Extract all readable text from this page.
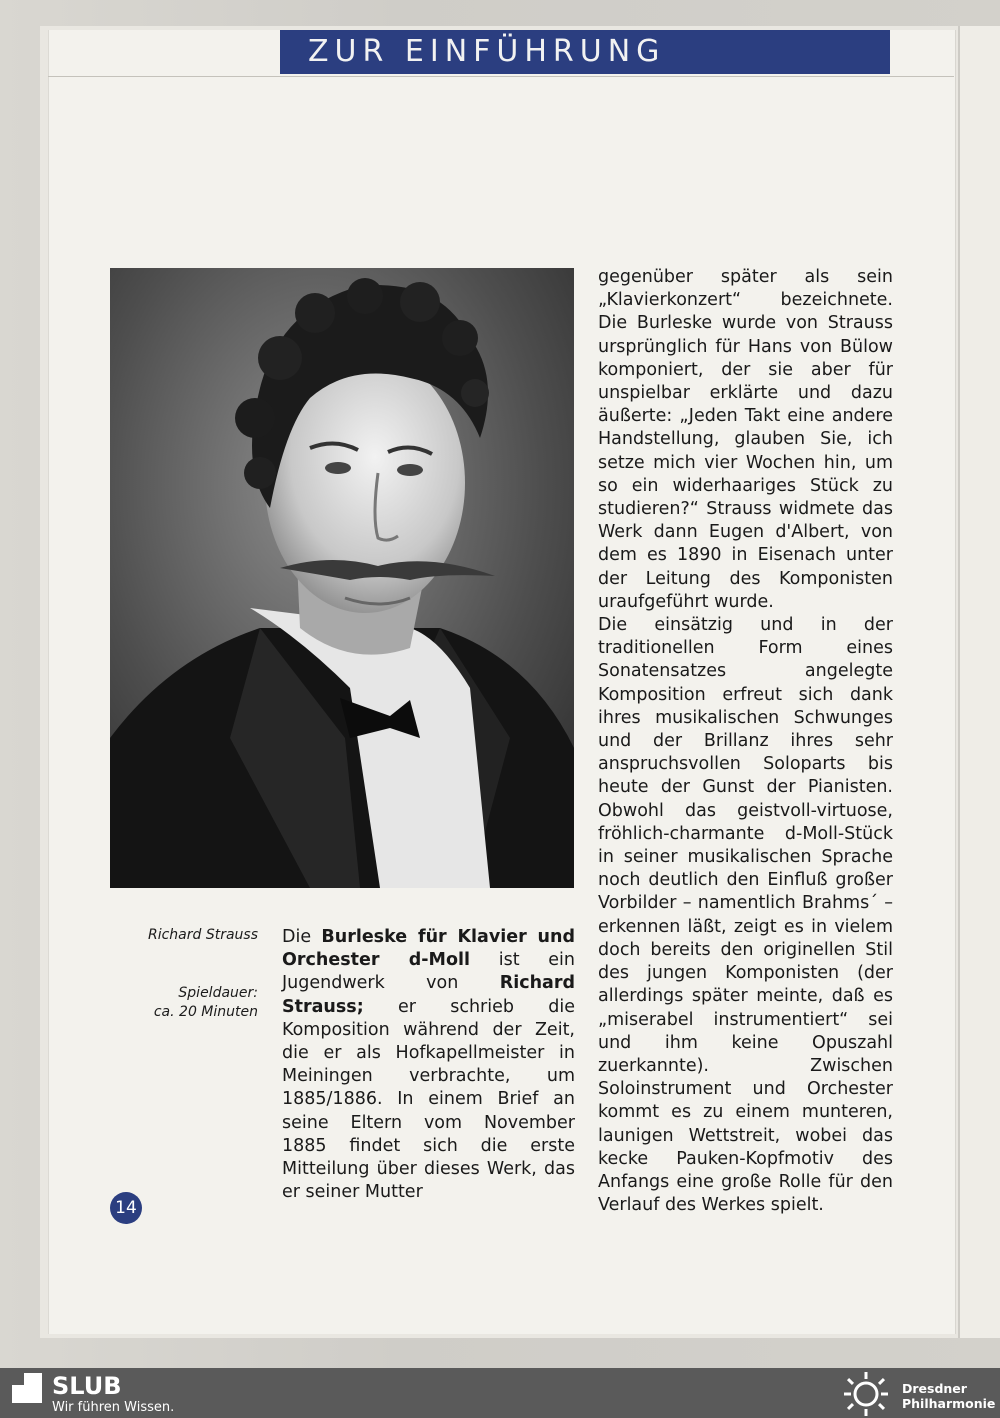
ZUR EINFÜHRUNG
Richard Strauss
Spieldauer:
ca. 20 Minuten

Die Burleske für Klavier und Orchester d-Moll ist ein Jugendwerk von Richard Strauss; er schrieb die Komposition während der Zeit, die er als Hofkapellmeister in Meiningen verbrachte, um 1885/1886. In einem Brief an seine Eltern vom November 1885 findet sich die erste Mitteilung über dieses Werk, das er seiner Mutter

gegenüber später als sein „Klavierkonzert“ bezeichnete. Die Burleske wurde von Strauss ursprünglich für Hans von Bülow komponiert, der sie aber für unspielbar erklärte und dazu äußerte: „Jeden Takt eine andere Handstellung, glauben Sie, ich setze mich vier Wochen hin, um so ein widerhaariges Stück zu studieren?“ Strauss widmete das Werk dann Eugen d'Albert, von dem es 1890 in Eisenach unter der Leitung des Komponisten uraufgeführt wurde.

Die einsätzig und in der traditionellen Form eines Sonatensatzes angelegte Komposition erfreut sich dank ihres musikalischen Schwunges und der Brillanz ihres sehr anspruchsvollen Soloparts bis heute der Gunst der Pianisten. Obwohl das geistvoll-virtuose, fröhlich-charmante d-Moll-Stück in seiner musikalischen Sprache noch deutlich den Einfluß großer Vorbilder – namentlich Brahms´ – erkennen läßt, zeigt es in vielem doch bereits den originellen Stil des jungen Komponisten (der allerdings später meinte, daß es „miserabel instrumentiert“ sei und ihm keine Opuszahl zuerkannte). Zwischen Soloinstrument und Orchester kommt es zu einem munteren, launigen Wettstreit, wobei das kecke Pauken-Kopfmotiv des Anfangs eine große Rolle für den Verlauf des Werkes spielt.

14
SLUB
Wir führen Wissen.
Dresdner
Philharmonie
